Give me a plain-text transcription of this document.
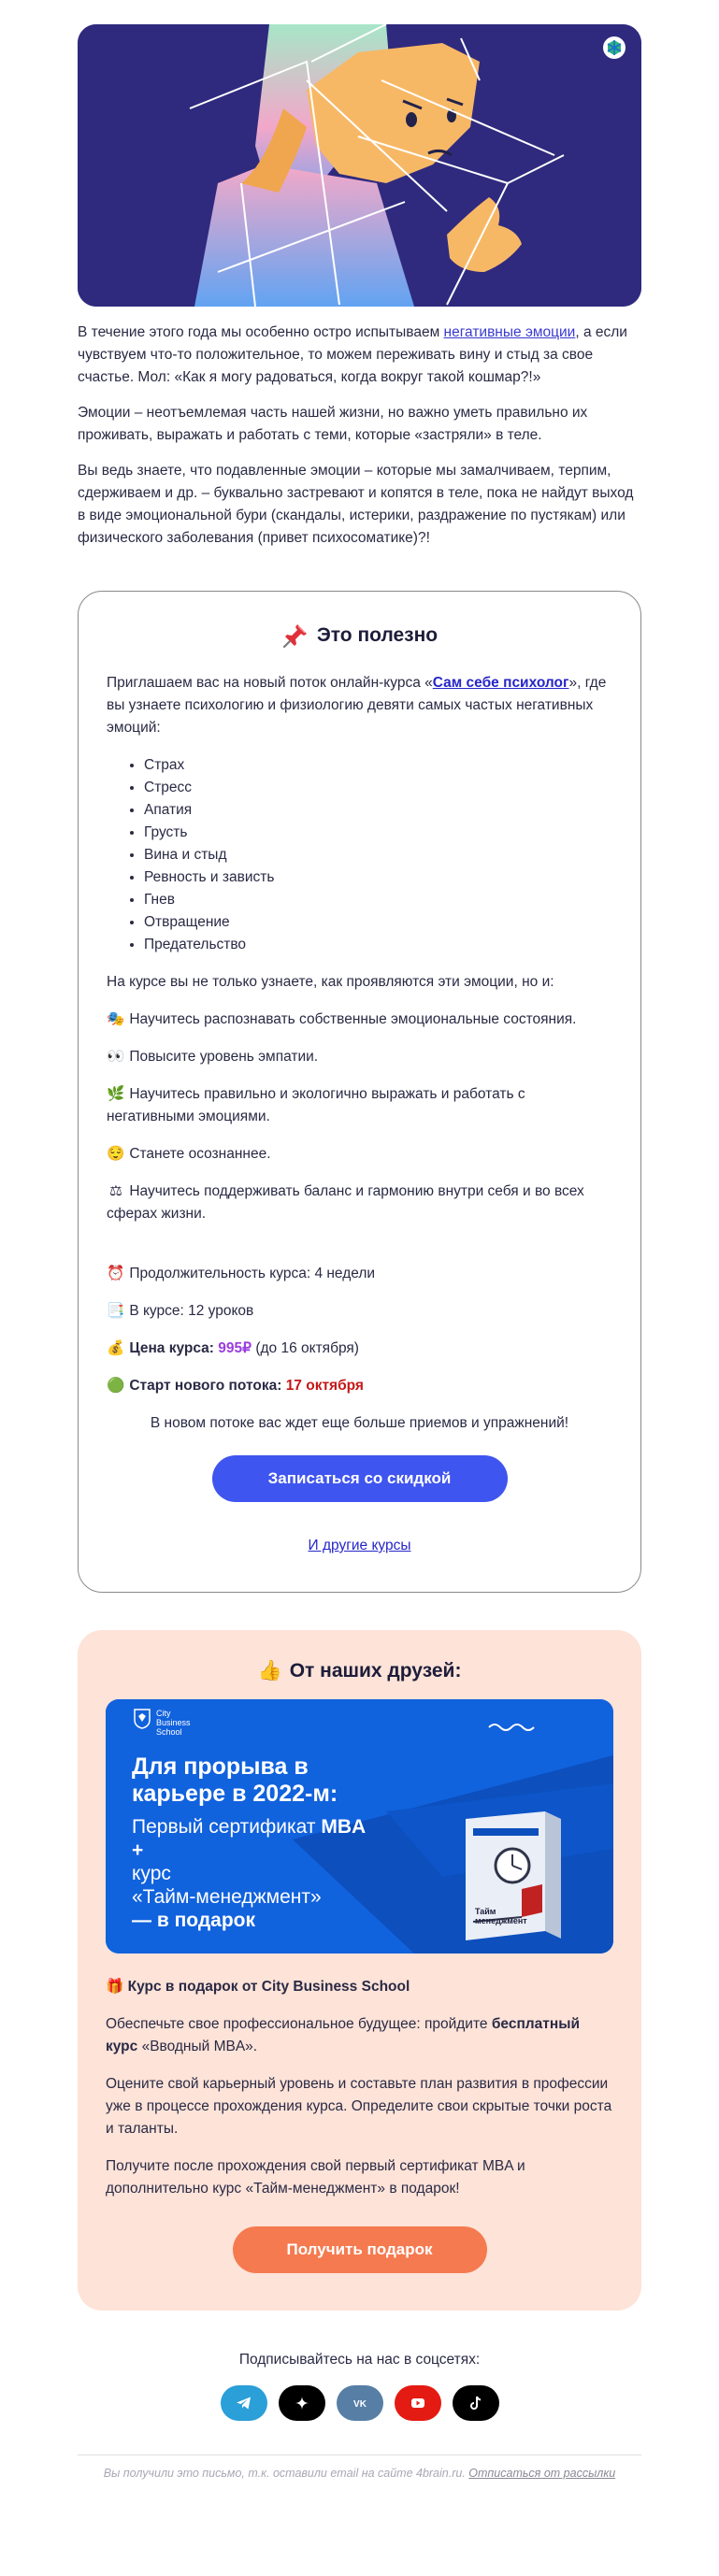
В течение этого года мы особенно остро испытываем негативные эмоции, а если чувствуем что-то положительное, то можем переживать вину и стыд за свое счастье. Мол: «Как я могу радоваться, когда вокруг такой кошмар?!»

Эмоции – неотъемлемая часть нашей жизни, но важно уметь правильно их проживать, выражать и работать с теми, которые «застряли» в теле.

Вы ведь знаете, что подавленные эмоции – которые мы замалчиваем, терпим, сдерживаем и др. – буквально застревают и копятся в теле, пока не найдут выход в виде эмоциональной бури (скандалы, истерики, раздражение по пустякам) или физического заболевания (привет психосоматике)?!

Это полезно

Приглашаем вас на новый поток онлайн-курса «Сам себе психолог», где вы узнаете психологию и физиологию девяти самых частых негативных эмоций:

• Страх
• Стресс
• Апатия
• Грусть
• Вина и стыд
• Ревность и зависть
• Гнев
• Отвращение
• Предательство

На курсе вы не только узнаете, как проявляются эти эмоции, но и:

🎭 Научитесь распознавать собственные эмоциональные состояния.

👀 Повысите уровень эмпатии.

🌿 Научитесь правильно и экологично выражать и работать с негативными эмоциями.

😌 Станете осознаннее.

⚖ Научитесь поддерживать баланс и гармонию внутри себя и во всех сферах жизни.

⏰ Продолжительность курса: 4 недели

📑 В курсе: 12 уроков

💰 Цена курса: 995₽ (до 16 октября)

🟢 Старт нового потока: 17 октября

В новом потоке вас ждет еще больше приемов и упражнений!

Записаться со скидкой
И другие курсы
👍 От наших друзей:
City
Business
School
Для прорыва в
карьере в 2022-м:
Первый сертификат MBA
+
курс
«Тайм-менеджмент»
— в подарок	Тайм менеджмент

🎁 Курс в подарок от City Business School

Обеспечьте свое профессиональное будущее: пройдите бесплатный курс «Вводный MBA».

Оцените свой карьерный уровень и составьте план развития в профессии уже в процессе прохождения курса. Определите свои скрытые точки роста и таланты.

Получите после прохождения свой первый сертификат MBA и дополнительно курс «Тайм-менеджмент» в подарок!

Получить подарок
Подписывайтесь на нас в соцсетях:
VK
Вы получили это письмо, т.к. оставили email на сайте 4brain.ru. Отписаться от рассылки
